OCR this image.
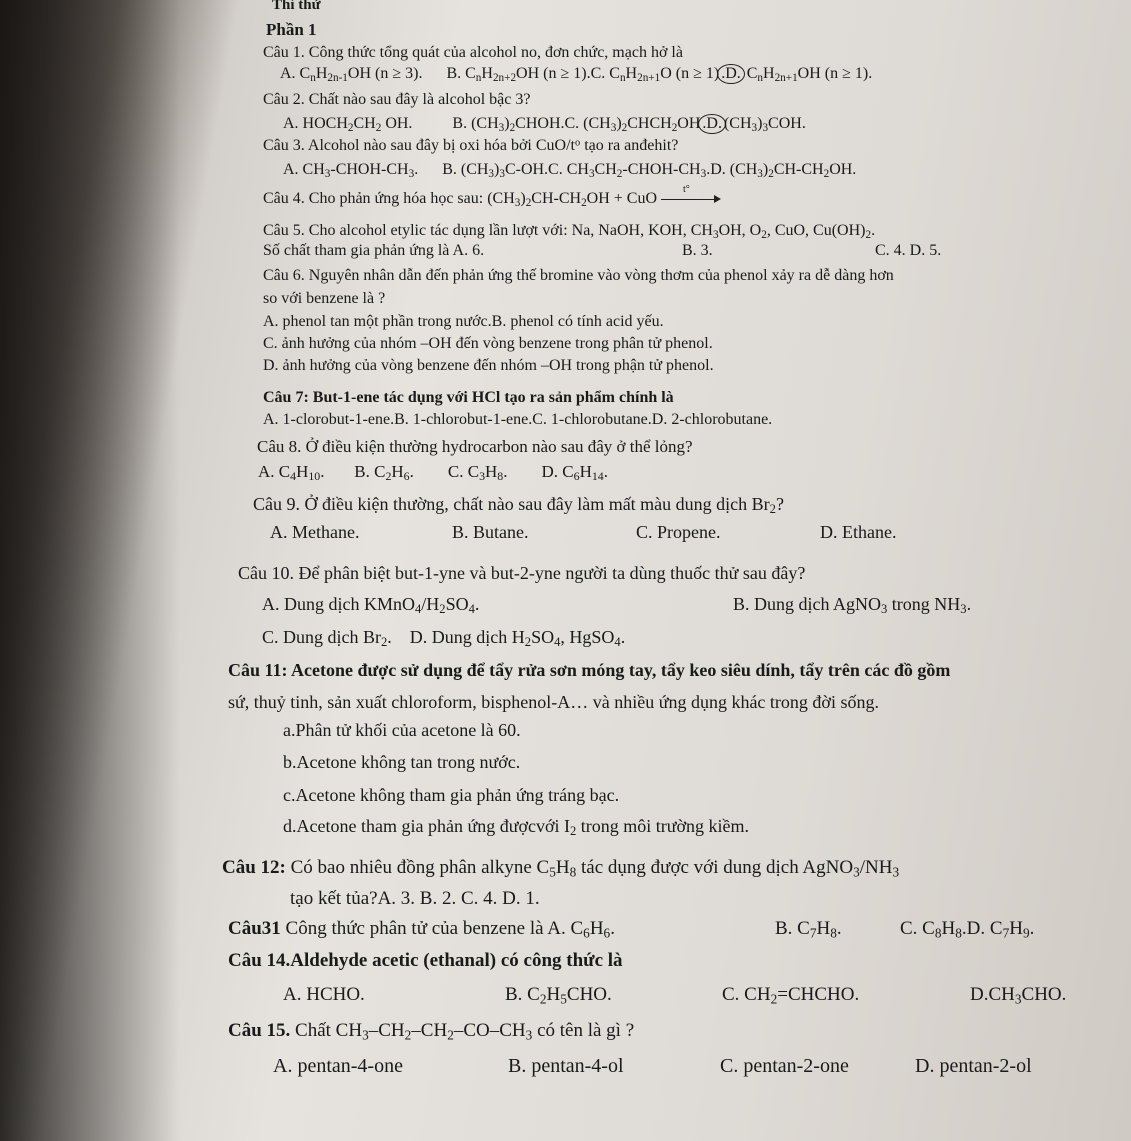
Thi thử
Phần 1
Câu 1. Công thức tổng quát của alcohol no, đơn chức, mạch hở là
A. $C_nH_{2n-1}OH$ (n ≥ 3).      B. $C_nH_{2n+2}OH$ (n ≥ 1).C. $C_nH_{2n+1}O$ (n ≥ 1) .D. $C_nH_{2n+1}OH$ (n ≥ 1).
Câu 2. Chất nào sau đây là alcohol bậc 3?
A. $HOCH_2CH_2$ OH.          B. $(CH_3)_2CHOH.C$. $(CH_3)_2CHCH_2OH$ .D. $(CH_3)_3COH$.
Câu 3. Alcohol nào sau đây bị oxi hóa bởi CuO/$t^o$ tạo ra anđehit?
A. $CH_3-CHOH-CH_3$.      B. $(CH_3)_3C-OH.C$. $CH_3CH_2-CHOH-CH_3.D$. $(CH_3)_2CH-CH_2OH$.
Câu 4. Cho phản ứng hóa học sau: $(CH_3)_2CH-CH_2OH$ + CuO
t°
Câu 5. Cho alcohol etylic tác dụng lần lượt với: Na, NaOH, KOH, $CH_3OH$, $O_2$, CuO, $Cu(OH)_2$.
Số chất tham gia phản ứng là A. 6.	B. 3.	C. 4. D. 5.
Câu 6. Nguyên nhân dẫn đến phản ứng thế bromine vào vòng thơm của phenol xảy ra dễ dàng hơn
so với benzene là ?
A. phenol tan một phần trong nước.B. phenol có tính acid yếu.
C. ảnh hưởng của nhóm –OH đến vòng benzene trong phân tử phenol.
D. ảnh hưởng của vòng benzene đến nhóm –OH trong phận tử phenol.
Câu 7: But-1-ene tác dụng với HCl tạo ra sản phẩm chính là
A. 1-clorobut-1-ene.B. 1-chlorobut-1-ene.C. 1-chlorobutane.D. 2-chlorobutane.
Câu 8. Ở điều kiện thường hydrocarbon nào sau đây ở thể lỏng?
A. $C_4H_{10}$.       B. $C_2H_6$.        C. $C_3H_8$.        D. $C_6H_{14}$.
Câu 9. Ở điều kiện thường, chất nào sau đây làm mất màu dung dịch $Br_2$?
A. Methane.	B. Butane.	C. Propene.	D. Ethane.
Câu 10. Để phân biệt but-1-yne và but-2-yne người ta dùng thuốc thử sau đây?
A. Dung dịch $KMnO_4/H_2SO_4$.	B. Dung dịch AgNO$_3$ trong $NH_3$.
C. Dung dịch $Br_2$.    D. Dung dịch $H_2SO_4$, HgSO$_4$.
Câu 11: Acetone được sử dụng để tẩy rửa sơn móng tay, tẩy keo siêu dính, tẩy trên các đồ gồm
sứ, thuỷ tinh, sản xuất chloroform, bisphenol-A… và nhiều ứng dụng khác trong đời sống.
a.Phân tử khối của acetone là 60.
b.Acetone không tan trong nước.
c.Acetone không tham gia phản ứng tráng bạc.
d.Acetone tham gia phản ứng đượcvới $I_2$ trong môi trường kiềm.
Câu 12: Có bao nhiêu đồng phân alkyne $C_5H_8$ tác dụng được với dung dịch $AgNO_3/NH_3$
tạo kết tủa?A. 3. B. 2. C. 4. D. 1.
Câu31 Công thức phân tử của benzene là A. $C_6H_6$.	B. $C_7H_8$.	C. $C_8H_8.D$. $C_7H_9$.
Câu 14.Aldehyde acetic (ethanal) có công thức là
A. HCHO.	B. $C_2H_5CHO$.	C. $CH_2=CHCHO$.	$D.CH_3CHO$.
Câu 15. Chất $CH_3-CH_2-CH_2-CO-CH_3$ có tên là gì ?
A. pentan-4-one	B. pentan-4-ol	C. pentan-2-one	D. pentan-2-ol
